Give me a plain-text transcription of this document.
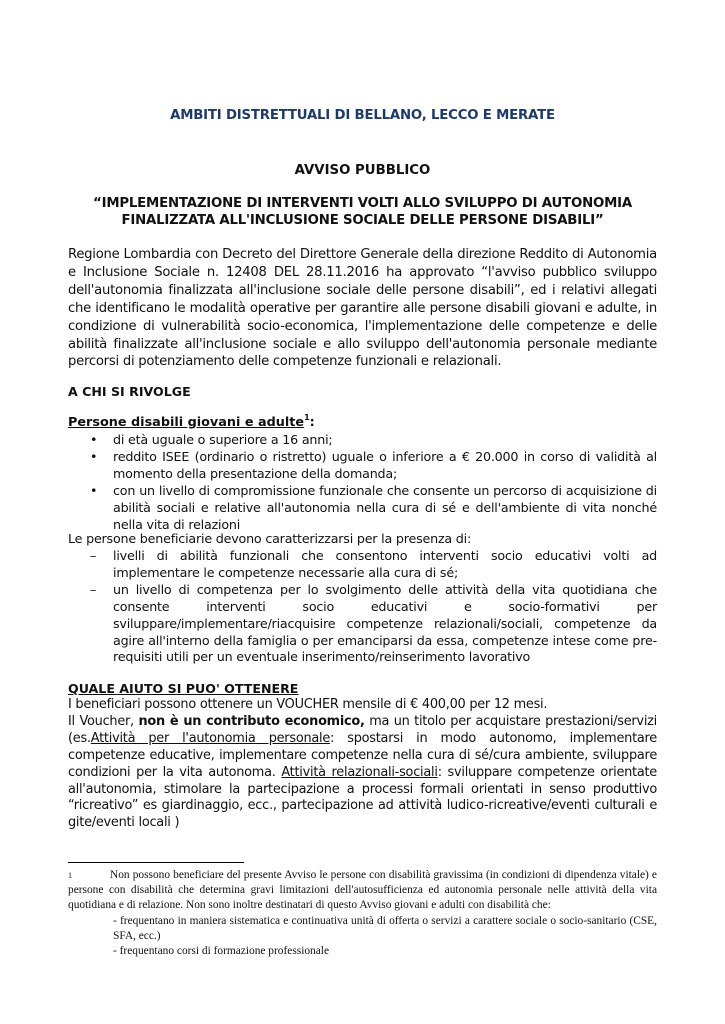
AMBITI DISTRETTUALI DI BELLANO, LECCO E MERATE
AVVISO PUBBLICO
“IMPLEMENTAZIONE DI INTERVENTI VOLTI ALLO SVILUPPO DI AUTONOMIA
FINALIZZATA ALL'INCLUSIONE SOCIALE DELLE PERSONE DISABILI”
Regione Lombardia con Decreto del Direttore Generale della direzione Reddito di Autonomia e Inclusione Sociale n. 12408 DEL 28.11.2016 ha approvato “l'avviso pubblico sviluppo dell'autonomia finalizzata all'inclusione sociale delle persone disabili”, ed i relativi allegati che identificano le modalità operative per garantire alle persone disabili giovani e adulte, in condizione di vulnerabilità socio-economica, l'implementazione delle competenze e delle abilità finalizzate all'inclusione sociale e allo sviluppo dell'autonomia personale mediante percorsi di potenziamento delle competenze funzionali e relazionali.
A CHI SI RIVOLGE
Persone disabili giovani e adulte$^1$:
• di età uguale o superiore a 16 anni;
• reddito ISEE (ordinario o ristretto) uguale o inferiore a € 20.000 in corso di validità al momento della presentazione della domanda;
• con un livello di compromissione funzionale che consente un percorso di acquisizione di abilità sociali e relative all'autonomia nella cura di sé e dell'ambiente di vita nonché nella vita di relazioni
Le persone beneficiarie devono caratterizzarsi per la presenza di:
– livelli di abilità funzionali che consentono interventi socio educativi volti ad implementare le competenze necessarie alla cura di sé;
– un livello di competenza per lo svolgimento delle attività della vita quotidiana che consente interventi socio educativi e socio-formativi per sviluppare/implementare/riacquisire competenze relazionali/sociali, competenze da agire all'interno della famiglia o per emanciparsi da essa, competenze intese come pre-requisiti utili per un eventuale inserimento/reinserimento lavorativo
QUALE AIUTO SI PUO' OTTENERE
I beneficiari possono ottenere un VOUCHER mensile di € 400,00 per 12 mesi.
Il Voucher, non è un contributo economico, ma un titolo per acquistare prestazioni/servizi (es.Attività per l'autonomia personale: spostarsi in modo autonomo, implementare competenze educative, implementare competenze nella cura di sé/cura ambiente, sviluppare condizioni per la vita autonoma. Attività relazionali-sociali: sviluppare competenze orientate all'autonomia, stimolare la partecipazione a processi formali orientati in senso produttivo “ricreativo” es giardinaggio, ecc., partecipazione ad attività ludico-ricreative/eventi culturali e gite/eventi locali )
$^1$	Non possono beneficiare del presente Avviso le persone con disabilità gravissima (in condizioni di dipendenza vitale) e persone con disabilità che determina gravi limitazioni dell'autosufficienza ed autonomia personale nelle attività della vita quotidiana e di relazione. Non sono inoltre destinatari di questo Avviso giovani e adulti con disabilità che:
- frequentano in maniera sistematica e continuativa unità di offerta o servizi a carattere sociale o socio-sanitario (CSE, SFA, ecc.)
- frequentano corsi di formazione professionale
